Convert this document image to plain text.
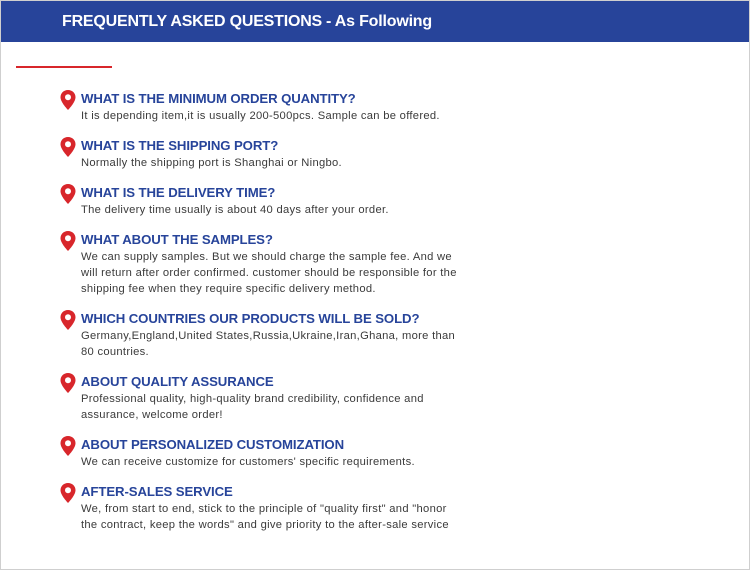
FREQUENTLY ASKED QUESTIONS - As Following
WHAT IS THE MINIMUM ORDER QUANTITY?
It is depending item,it is usually 200-500pcs. Sample can be offered.
WHAT IS THE SHIPPING PORT?
Normally the shipping port is Shanghai or Ningbo.
WHAT IS THE DELIVERY TIME?
The delivery time usually is about 40 days after your order.
WHAT ABOUT THE SAMPLES?
We can supply samples. But we should charge the sample fee. And we will return after order confirmed. customer should be responsible for the shipping fee when they require specific delivery method.
WHICH COUNTRIES OUR PRODUCTS WILL BE SOLD?
Germany,England,United States,Russia,Ukraine,Iran,Ghana, more than 80 countries.
ABOUT QUALITY ASSURANCE
Professional quality, high-quality brand credibility, confidence and assurance, welcome order!
ABOUT PERSONALIZED CUSTOMIZATION
We can receive customize for customers' specific requirements.
AFTER-SALES SERVICE
We, from start to end, stick to the principle of "quality first" and "honor the contract, keep the words" and give priority to the after-sale service
